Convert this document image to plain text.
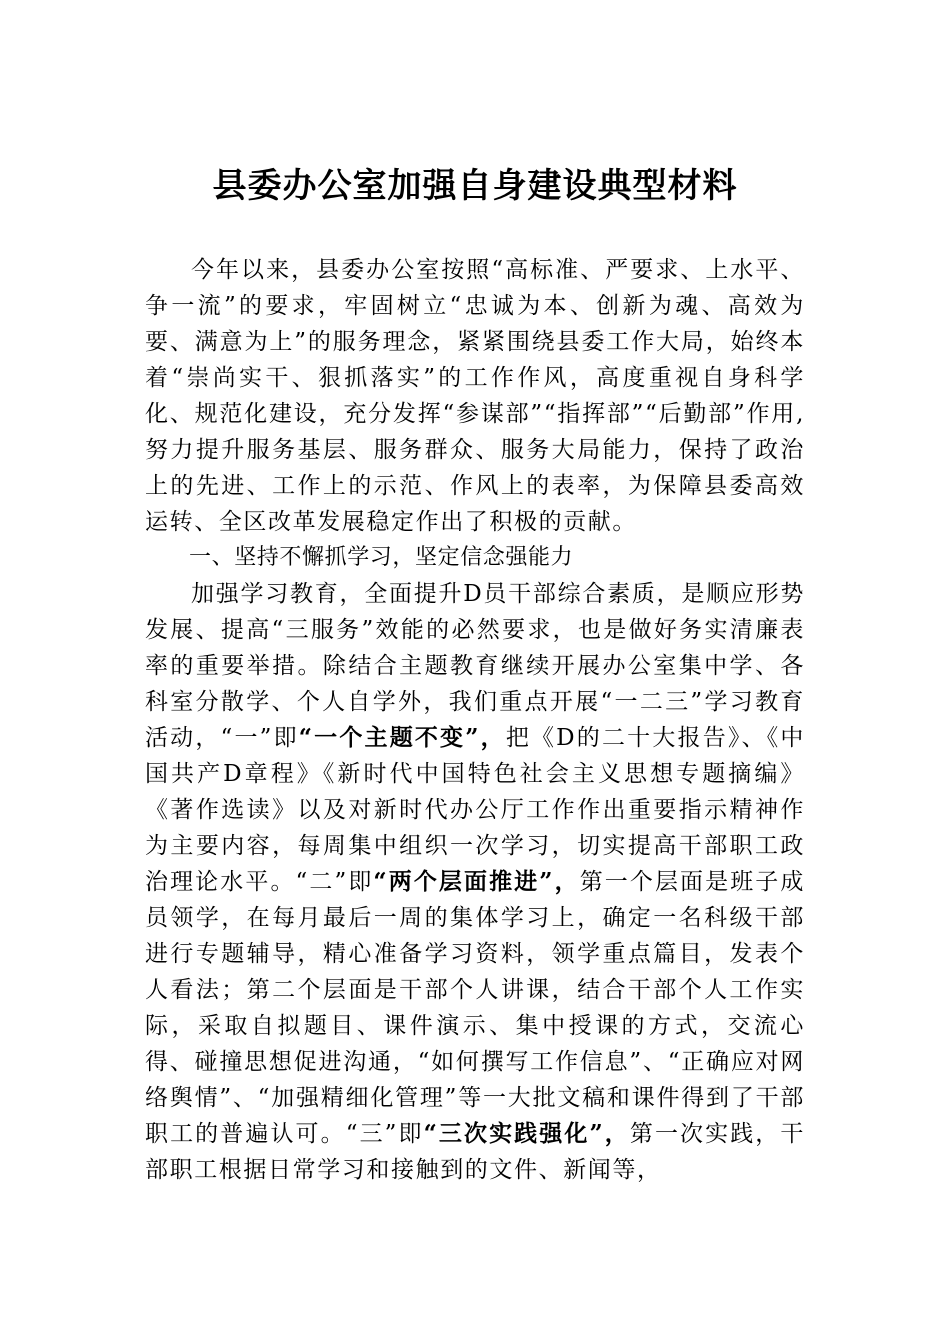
县委办公室加强自身建设典型材料

今年以来，县委办公室按照“高标准、严要求、上水平、争一流”的要求，牢固树立“忠诚为本、创新为魂、高效为要、满意为上”的服务理念，紧紧围绕县委工作大局，始终本着“崇尚实干、狠抓落实”的工作作风，高度重视自身科学化、规范化建设，充分发挥“参谋部”“指挥部”“后勤部”作用,努力提升服务基层、服务群众、服务大局能力，保持了政治上的先进、工作上的示范、作风上的表率，为保障县委高效运转、全区改革发展稳定作出了积极的贡献。

一、坚持不懈抓学习，坚定信念强能力

加强学习教育，全面提升D员干部综合素质，是顺应形势发展、提高“三服务”效能的必然要求，也是做好务实清廉表率的重要举措。除结合主题教育继续开展办公室集中学、各科室分散学、个人自学外，我们重点开展“一二三”学习教育活动，“一”即“一个主题不变”，把《D的二十大报告》、《中国共产D章程》《新时代中国特色社会主义思想专题摘编》《著作选读》以及对新时代办公厅工作作出重要指示精神作为主要内容，每周集中组织一次学习，切实提高干部职工政治理论水平。“二”即“两个层面推进”，第一个层面是班子成员领学，在每月最后一周的集体学习上，确定一名科级干部进行专题辅导，精心准备学习资料，领学重点篇目，发表个人看法；第二个层面是干部个人讲课，结合干部个人工作实际，采取自拟题目、课件演示、集中授课的方式，交流心得、碰撞思想促进沟通，“如何撰写工作信息”、“正确应对网络舆情”、“加强精细化管理”等一大批文稿和课件得到了干部职工的普遍认可。“三”即“三次实践强化”，第一次实践，干部职工根据日常学习和接触到的文件、新闻等，
